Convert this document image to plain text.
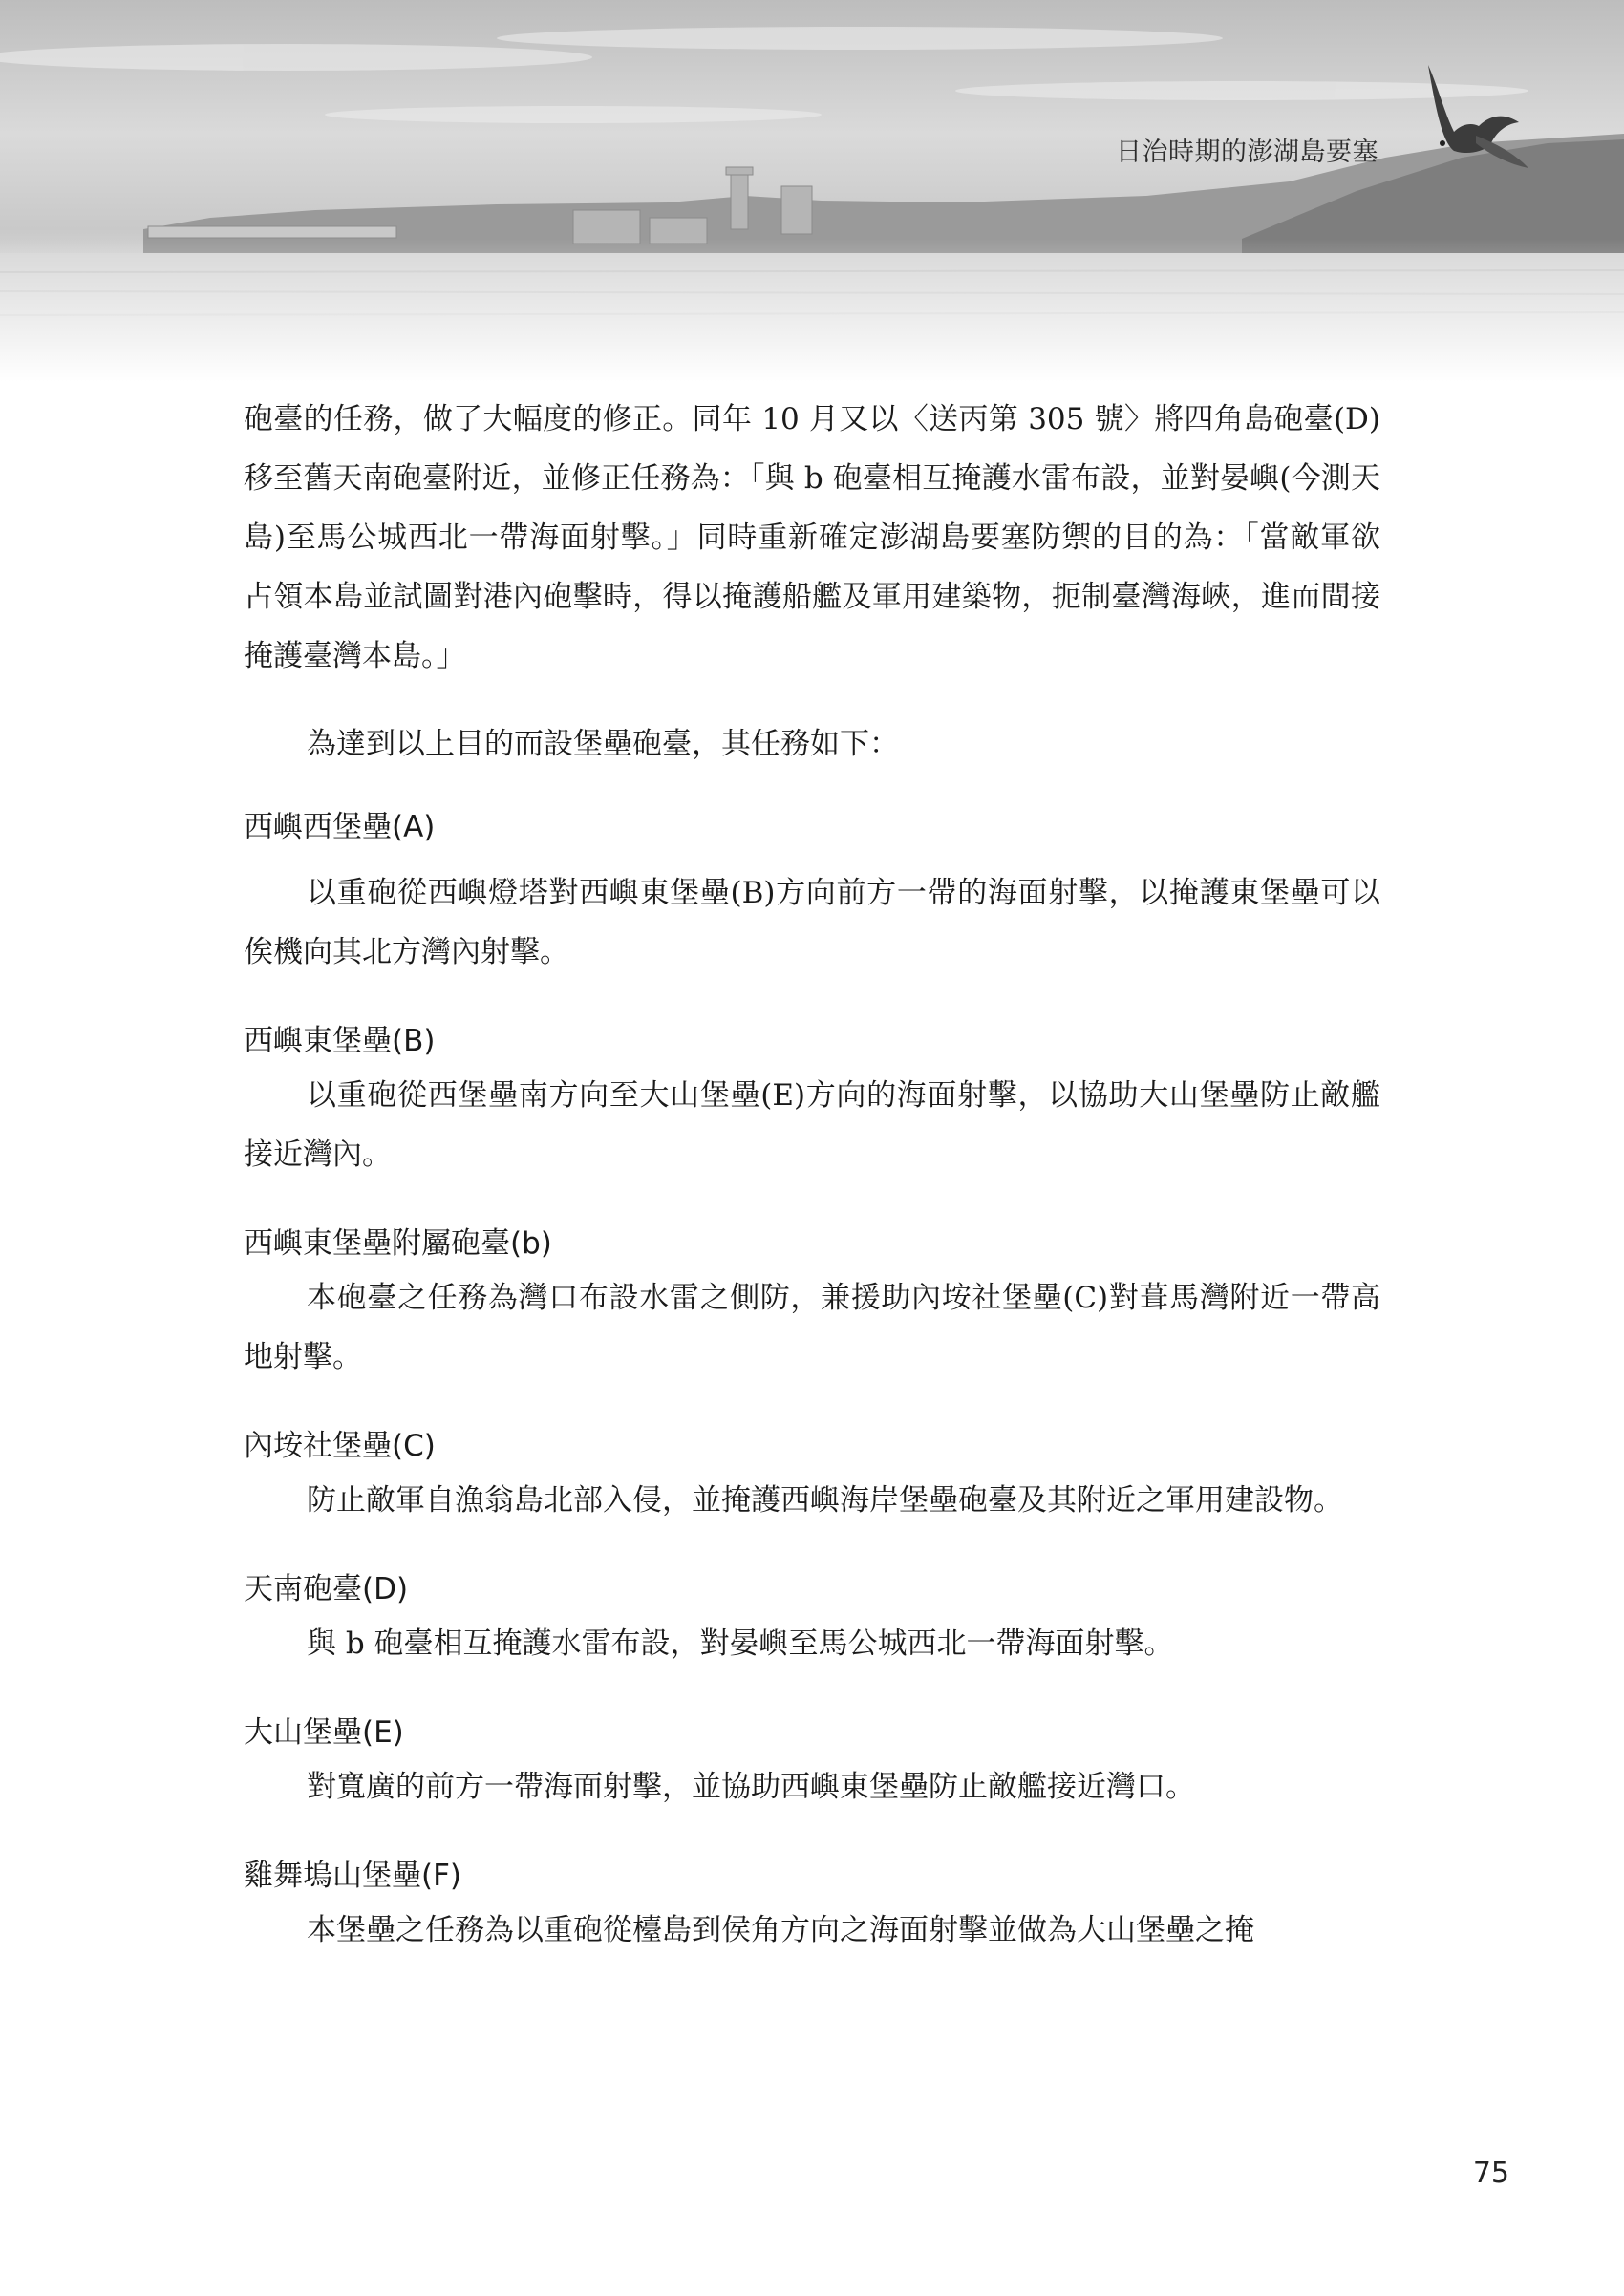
日治時期的澎湖島要塞

砲臺的任務，做了大幅度的修正。同年 10 月又以〈送丙第 305 號〉將四角島砲臺(D)移至舊天南砲臺附近，並修正任務為：「與 b 砲臺相互掩護水雷布設，並對晏嶼(今測天島)至馬公城西北一帶海面射擊。」同時重新確定澎湖島要塞防禦的目的為：「當敵軍欲占領本島並試圖對港內砲擊時，得以掩護船艦及軍用建築物，扼制臺灣海峽，進而間接掩護臺灣本島。」

為達到以上目的而設堡壘砲臺，其任務如下：

西嶼西堡壘(A)

以重砲從西嶼燈塔對西嶼東堡壘(B)方向前方一帶的海面射擊，以掩護東堡壘可以俟機向其北方灣內射擊。

西嶼東堡壘(B)

以重砲從西堡壘南方向至大山堡壘(E)方向的海面射擊，以協助大山堡壘防止敵艦接近灣內。

西嶼東堡壘附屬砲臺(b)

本砲臺之任務為灣口布設水雷之側防，兼援助內垵社堡壘(C)對葺馬灣附近一帶高地射擊。

內垵社堡壘(C)

防止敵軍自漁翁島北部入侵，並掩護西嶼海岸堡壘砲臺及其附近之軍用建設物。

天南砲臺(D)

與 b 砲臺相互掩護水雷布設，對晏嶼至馬公城西北一帶海面射擊。

大山堡壘(E)

對寬廣的前方一帶海面射擊，並協助西嶼東堡壘防止敵艦接近灣口。

雞舞塢山堡壘(F)

本堡壘之任務為以重砲從檯島到侯角方向之海面射擊並做為大山堡壘之掩

75
